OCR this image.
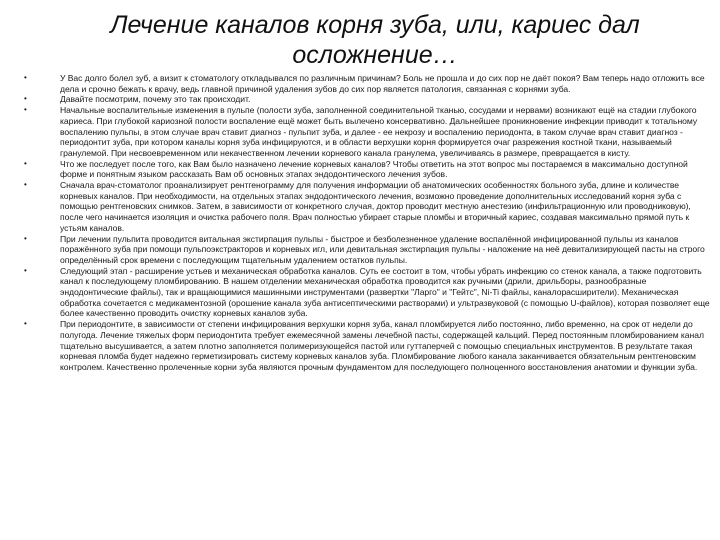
Лечение каналов корня зуба, или, кариес дал осложнение…
•	У Вас долго болел зуб, а визит к стоматологу откладывался по различным причинам? Боль не прошла и до сих пор не даёт покоя? Вам теперь надо отложить все дела и срочно бежать к врачу, ведь главной причиной удаления зубов до сих пор является патология, связанная с корнями зуба.
•	Давайте посмотрим, почему это так происходит.
•	Начальные воспалительные изменения в пульпе (полости зуба, заполненной соединительной тканью, сосудами и нервами) возникают ещё на стадии глубокого кариеса. При глубокой кариозной полости воспаление ещё может быть вылечено консервативно. Дальнейшее проникновение инфекции приводит к тотальному воспалению пульпы, в этом случае врач ставит диагноз - пульпит зуба, и далее - ее некрозу и воспалению периодонта, в таком случае врач ставит диагноз - периодонтит зуба, при котором каналы корня зуба инфицируются, и в области верхушки корня формируется очаг разрежения костной ткани, называемый гранулемой. При несвоевременном или некачественном лечении корневого канала гранулема, увеличиваясь в размере, превращается в кисту.
•	Что же последует после того, как Вам было назначено лечение корневых каналов? Чтобы ответить на этот вопрос мы постараемся в максимально доступной форме и понятным языком рассказать Вам об основных этапах эндодонтического лечения зубов.
•	Сначала врач-стоматолог проанализирует рентгенограмму для получения информации об анатомических особенностях больного зуба, длине и количестве корневых каналов. При необходимости, на отдельных этапах эндодонтического лечения, возможно проведение дополнительных исследований корня зуба с помощью рентгеновских снимков. Затем, в зависимости от конкретного случая, доктор проводит местную анестезию (инфильтрационную или проводниковую), после чего начинается изоляция и очистка рабочего поля. Врач полностью убирает старые пломбы и вторичный кариес, создавая максимально прямой путь к устьям каналов.
•	При лечении пульпита проводится витальная экстирпация пульпы - быстрое и безболезненное удаление воспалённой инфицированной пульпы из каналов поражённого зуба при помощи пульпоэкстракторов и корневых игл, или девитальная экстирпация пульпы - наложение на неё девитализирующей пасты на строго определённый срок времени с последующим тщательным удалением остатков пульпы.
•	Следующий этап - расширение устьев и механическая обработка каналов. Суть ее состоит в том, чтобы убрать инфекцию со стенок канала, а также подготовить канал к последующему пломбированию. В нашем отделении механическая обработка проводится как ручными (дрили, дрильборы, разнообразные эндодонтические файлы), так и вращающимися машинными инструментами (развертки "Ларго" и "Гейтс", Ni-Ti файлы, каналорасширители). Механическая обработка сочетается с медикаментозной (орошение канала зуба антисептическими растворами) и ультразвуковой (с помощью U-файлов), которая позволяет еще более качественно проводить очистку корневых каналов зуба.
•	При периодонтите, в зависимости от степени инфицирования верхушки корня зуба, канал пломбируется либо постоянно, либо временно, на срок от недели до полугода. Лечение тяжелых форм периодонтита требует ежемесячной замены лечебной пасты, содержащей кальций. Перед постоянным пломбированием канал тщательно высушивается, а затем плотно заполняется полимеризующейся пастой или гуттаперчей с помощью специальных инструментов. В результате такая корневая пломба будет надежно герметизировать систему корневых каналов зуба. Пломбирование любого канала заканчивается обязательным рентгеновским контролем. Качественно пролеченные корни зуба являются прочным фундаментом для последующего полноценного восстановления анатомии и функции зуба.
